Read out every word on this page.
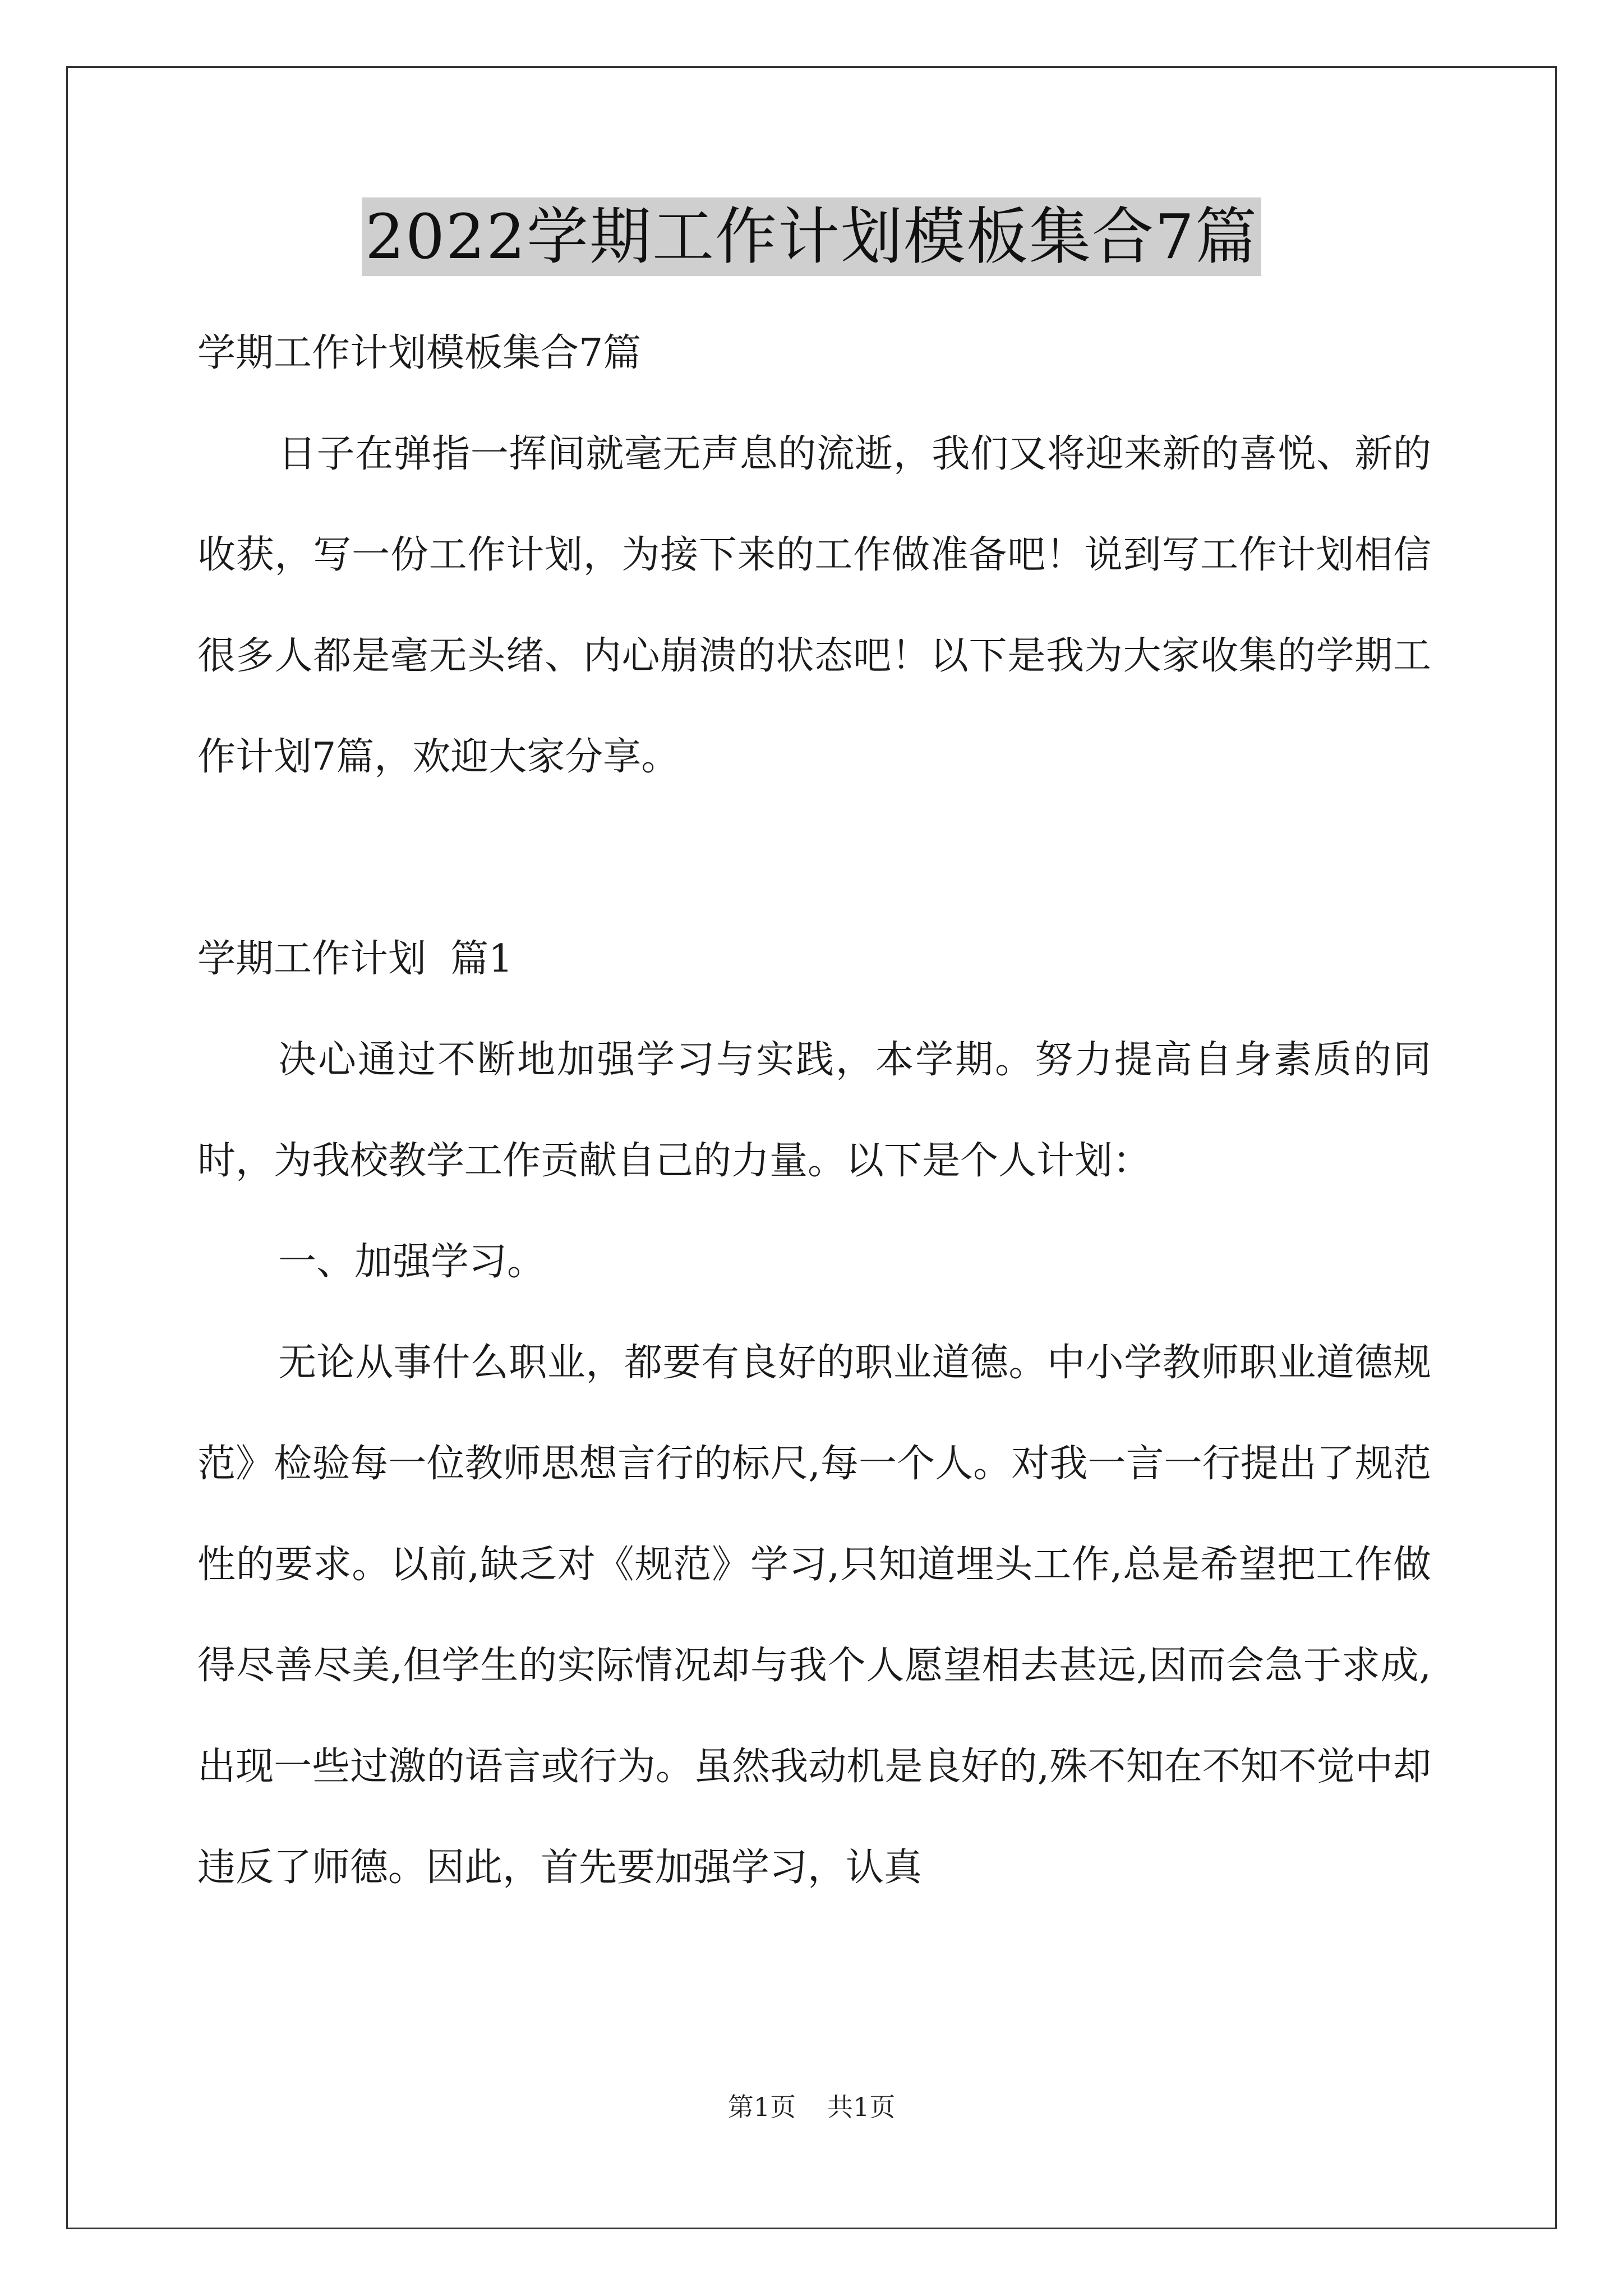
2022学期工作计划模板集合7篇

学期工作计划模板集合7篇

日子在弹指一挥间就毫无声息的流逝，我们又将迎来新的喜悦、新的收获，写一份工作计划，为接下来的工作做准备吧！说到写工作计划相信很多人都是毫无头绪、内心崩溃的状态吧！以下是我为大家收集的学期工作计划7篇，欢迎大家分享。

学期工作计划  篇1

决心通过不断地加强学习与实践，本学期。努力提高自身素质的同时，为我校教学工作贡献自己的力量。以下是个人计划：

一、加强学习。

无论从事什么职业，都要有良好的职业道德。中小学教师职业道德规范》检验每一位教师思想言行的标尺,每一个人。对我一言一行提出了规范性的要求。以前,缺乏对《规范》学习,只知道埋头工作,总是希望把工作做得尽善尽美,但学生的实际情况却与我个人愿望相去甚远,因而会急于求成,出现一些过激的语言或行为。虽然我动机是良好的,殊不知在不知不觉中却违反了师德。因此，首先要加强学习，认真

第1页 共1页
